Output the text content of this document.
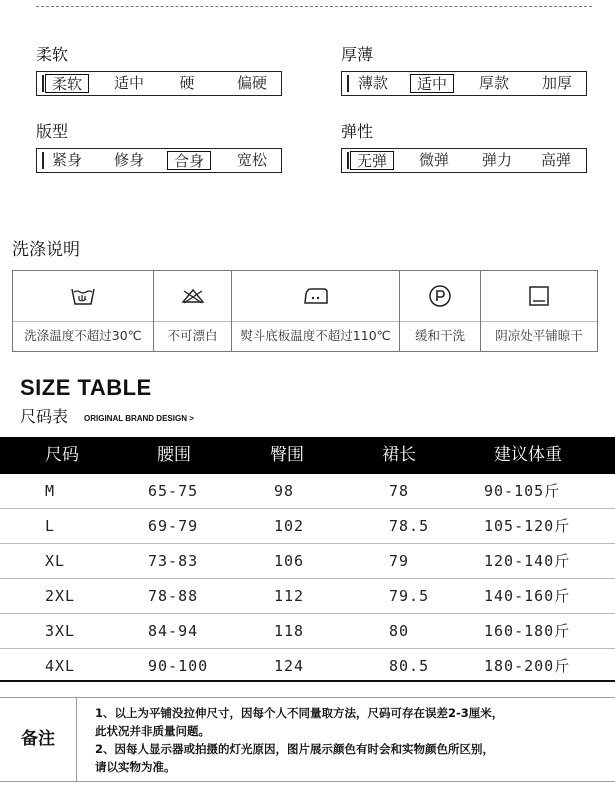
柔软
柔软	适中	硬	偏硬
厚薄
薄款	适中	厚款	加厚
版型
紧身	修身	合身	宽松
弹性
无弹	微弹	弹力	高弹
洗涤说明
洗涤温度不超过30℃	不可漂白	熨斗底板温度不超过110℃	缓和干洗	阴凉处平铺晾干
SIZE TABLE
尺码表 ORIGINAL BRAND DESIGN >
尺码	腰围	臀围	裙长	建议体重
M	65-75	98	78	90-105斤
L	69-79	102	78.5	105-120斤
XL	73-83	106	79	120-140斤
2XL	78-88	112	79.5	140-160斤
3XL	84-94	118	80	160-180斤
4XL	90-100	124	80.5	180-200斤
备注
1、以上为平铺没拉伸尺寸，因每个人不同量取方法，尺码可存在误差2-3厘米，
此状况并非质量问题。
2、因每人显示器或拍摄的灯光原因，图片展示颜色有时会和实物颜色所区别，
请以实物为准。
